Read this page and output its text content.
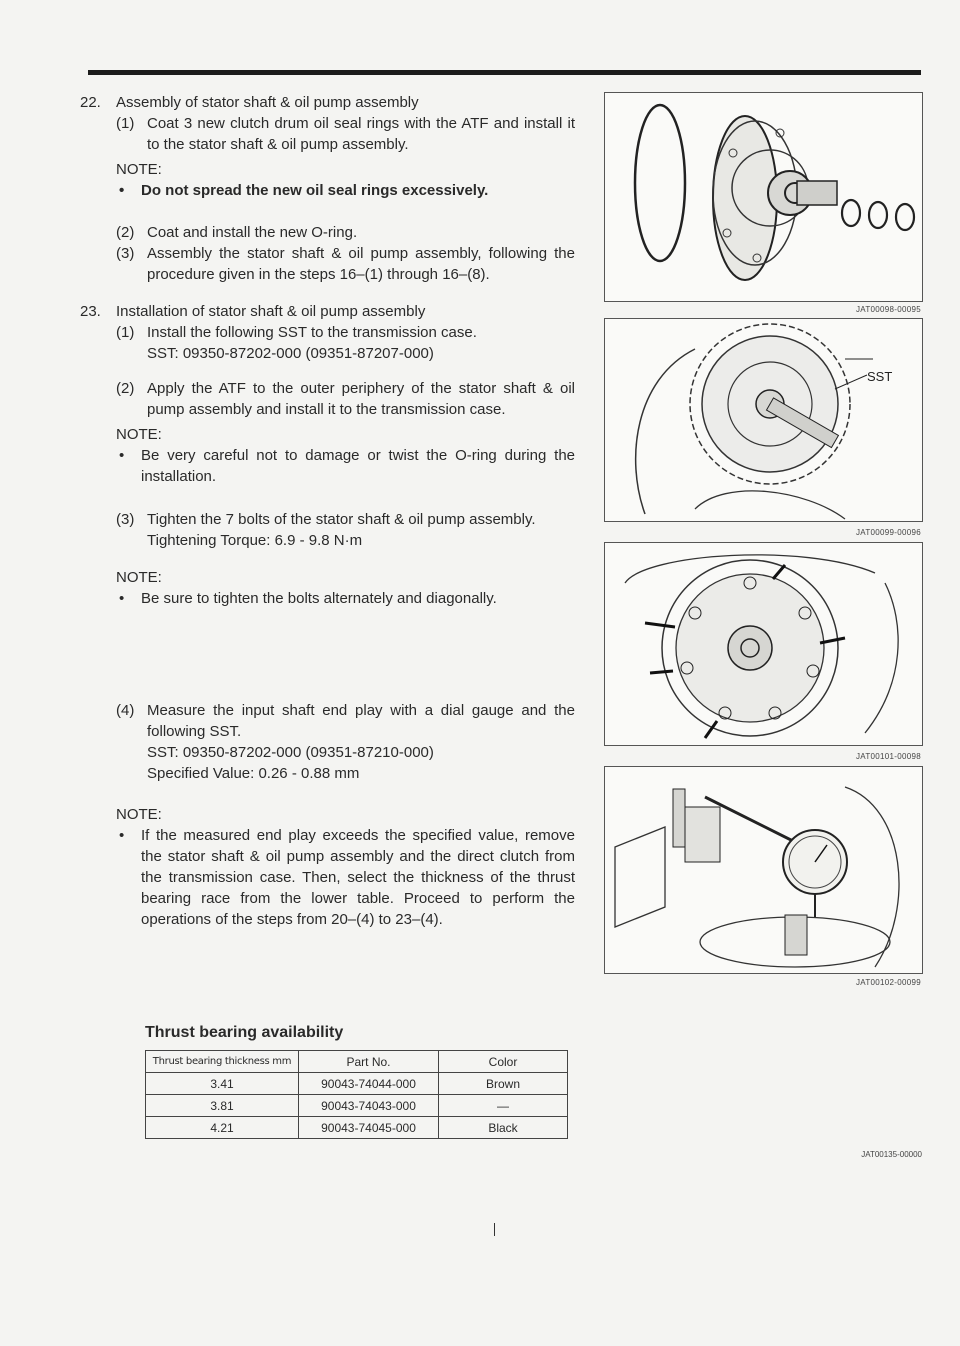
22. Assembly of stator shaft & oil pump assembly
(1) Coat 3 new clutch drum oil seal rings with the ATF and install it to the stator shaft & oil pump assembly.
NOTE:
• Do not spread the new oil seal rings excessively.
(2) Coat and install the new O-ring.
(3) Assembly the stator shaft & oil pump assembly, following the procedure given in the steps 16–(1) through 16–(8).
23. Installation of stator shaft & oil pump assembly
(1) Install the following SST to the transmission case.
SST: 09350-87202-000 (09351-87207-000)
(2) Apply the ATF to the outer periphery of the stator shaft & oil pump assembly and install it to the transmission case.
NOTE:
• Be very careful not to damage or twist the O-ring during the installation.
(3) Tighten the 7 bolts of the stator shaft & oil pump assembly.
Tightening Torque: 6.9 - 9.8 N·m
NOTE:
• Be sure to tighten the bolts alternately and diagonally.
(4) Measure the input shaft end play with a dial gauge and the following SST.
SST: 09350-87202-000 (09351-87210-000)
Specified Value: 0.26 - 0.88 mm
NOTE:
• If the measured end play exceeds the specified value, remove the stator shaft & oil pump assembly and the direct clutch from the transmission case. Then, select the thickness of the thrust bearing race from the lower table. Proceed to perform the operations of the steps from 20–(4) to 23–(4).
JAT00098-00095
SST
JAT00099-00096
JAT00101-00098
JAT00102-00099
Thrust bearing availability
Thrust bearing thickness mm	Part No.	Color
3.41	90043-74044-000	Brown
3.81	90043-74043-000	—
4.21	90043-74045-000	Black
JAT00135-00000
